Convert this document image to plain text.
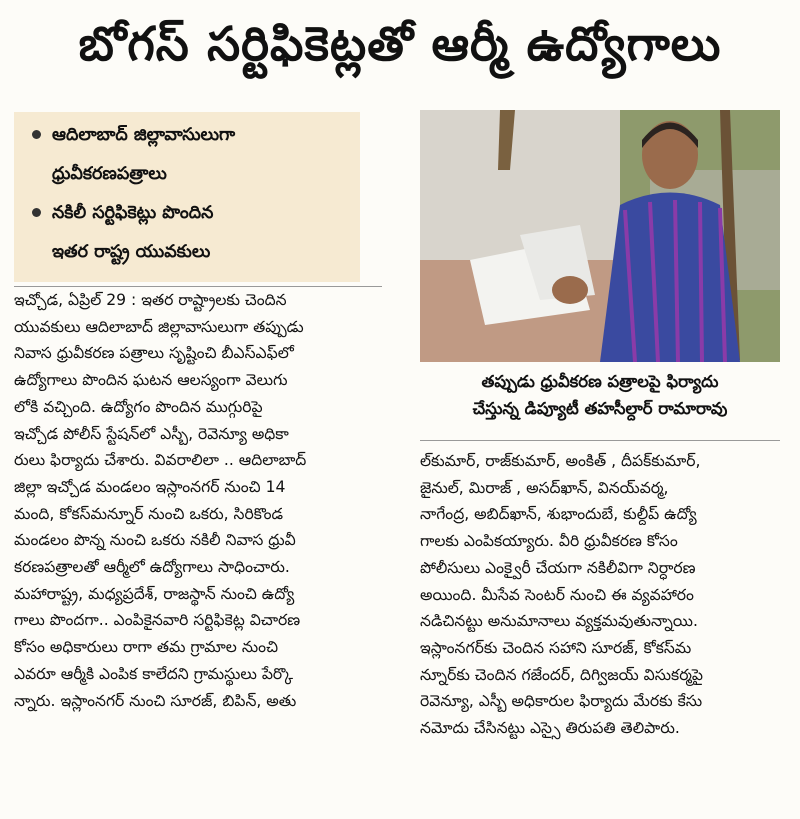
బోగస్ సర్టిఫికెట్లతో ఆర్మీ ఉద్యోగాలు
ఆదిలాబాద్ జిల్లావాసులుగా
ధ్రువీకరణపత్రాలు
నకిలీ సర్టిఫికెట్లు పొందిన
ఇతర రాష్ట్ర యువకులు
తప్పుడు ధ్రువీకరణ పత్రాలపై ఫిర్యాదు
చేస్తున్న డిప్యూటీ తహసీల్దార్ రామారావు
ఇచ్చోడ, ఏప్రిల్ 29 : ఇతర రాష్ట్రాలకు చెందిన
యువకులు ఆదిలాబాద్ జిల్లావాసులుగా తప్పుడు
నివాస ధ్రువీకరణ పత్రాలు సృష్టించి బీఎస్ఎఫ్‌లో
ఉద్యోగాలు పొందిన ఘటన ఆలస్యంగా వెలుగు
లోకి వచ్చింది. ఉద్యోగం పొందిన ముగ్గురిపై
ఇచ్చోడ పోలీస్ స్టేషన్‌లో ఎస్బీ, రెవెన్యూ అధికా
రులు ఫిర్యాదు చేశారు. వివరాలిలా .. ఆదిలాబాద్
జిల్లా ఇచ్చోడ మండలం ఇస్లాంనగర్ నుంచి 14
మంది, కోకస్‌మన్నూర్ నుంచి ఒకరు, సిరికొండ
మండలం పొన్న నుంచి ఒకరు నకిలీ నివాస ధ్రువీ
కరణపత్రాలతో ఆర్మీలో ఉద్యోగాలు సాధించారు.
మహారాష్ట్ర, మధ్యప్రదేశ్, రాజస్థాన్ నుంచి ఉద్యో
గాలు పొందగా.. ఎంపికైనవారి సర్టిఫికెట్ల విచారణ
కోసం అధికారులు రాగా తమ గ్రామాల నుంచి
ఎవరూ ఆర్మీకి ఎంపిక కాలేదని గ్రామస్థులు పేర్కొ
న్నారు. ఇస్లాంనగర్ నుంచి సూరజ్, బిపిన్, అతు
ల్‌కుమార్, రాజ్‌కుమార్, అంకిత్ , దీపక్‌కుమార్,
జైనుల్, మిరాజ్ , అసద్‌ఖాన్, వినయ్‌వర్మ,
నాగేంద్ర, అబిద్‌ఖాన్, శుభాందుబే, కుల్దీప్ ఉద్యో
గాలకు ఎంపికయ్యారు. వీరి ధ్రువీకరణ కోసం
పోలీసులు ఎంక్వైరీ చేయగా నకిలీవిగా నిర్ధారణ
అయింది. మీసేవ సెంటర్ నుంచి ఈ వ్యవహారం
నడిచినట్టు అనుమానాలు వ్యక్తమవుతున్నాయి.
ఇస్లాంనగర్‌కు చెందిన సహాని సూరజ్, కోకస్‌మ
న్నూర్‌కు చెందిన గజేందర్, దిగ్విజయ్ విసుకర్మపై
రెవెన్యూ, ఎస్బీ అధికారుల ఫిర్యాదు మేరకు కేసు
నమోదు చేసినట్టు ఎస్సై తిరుపతి తెలిపారు.
